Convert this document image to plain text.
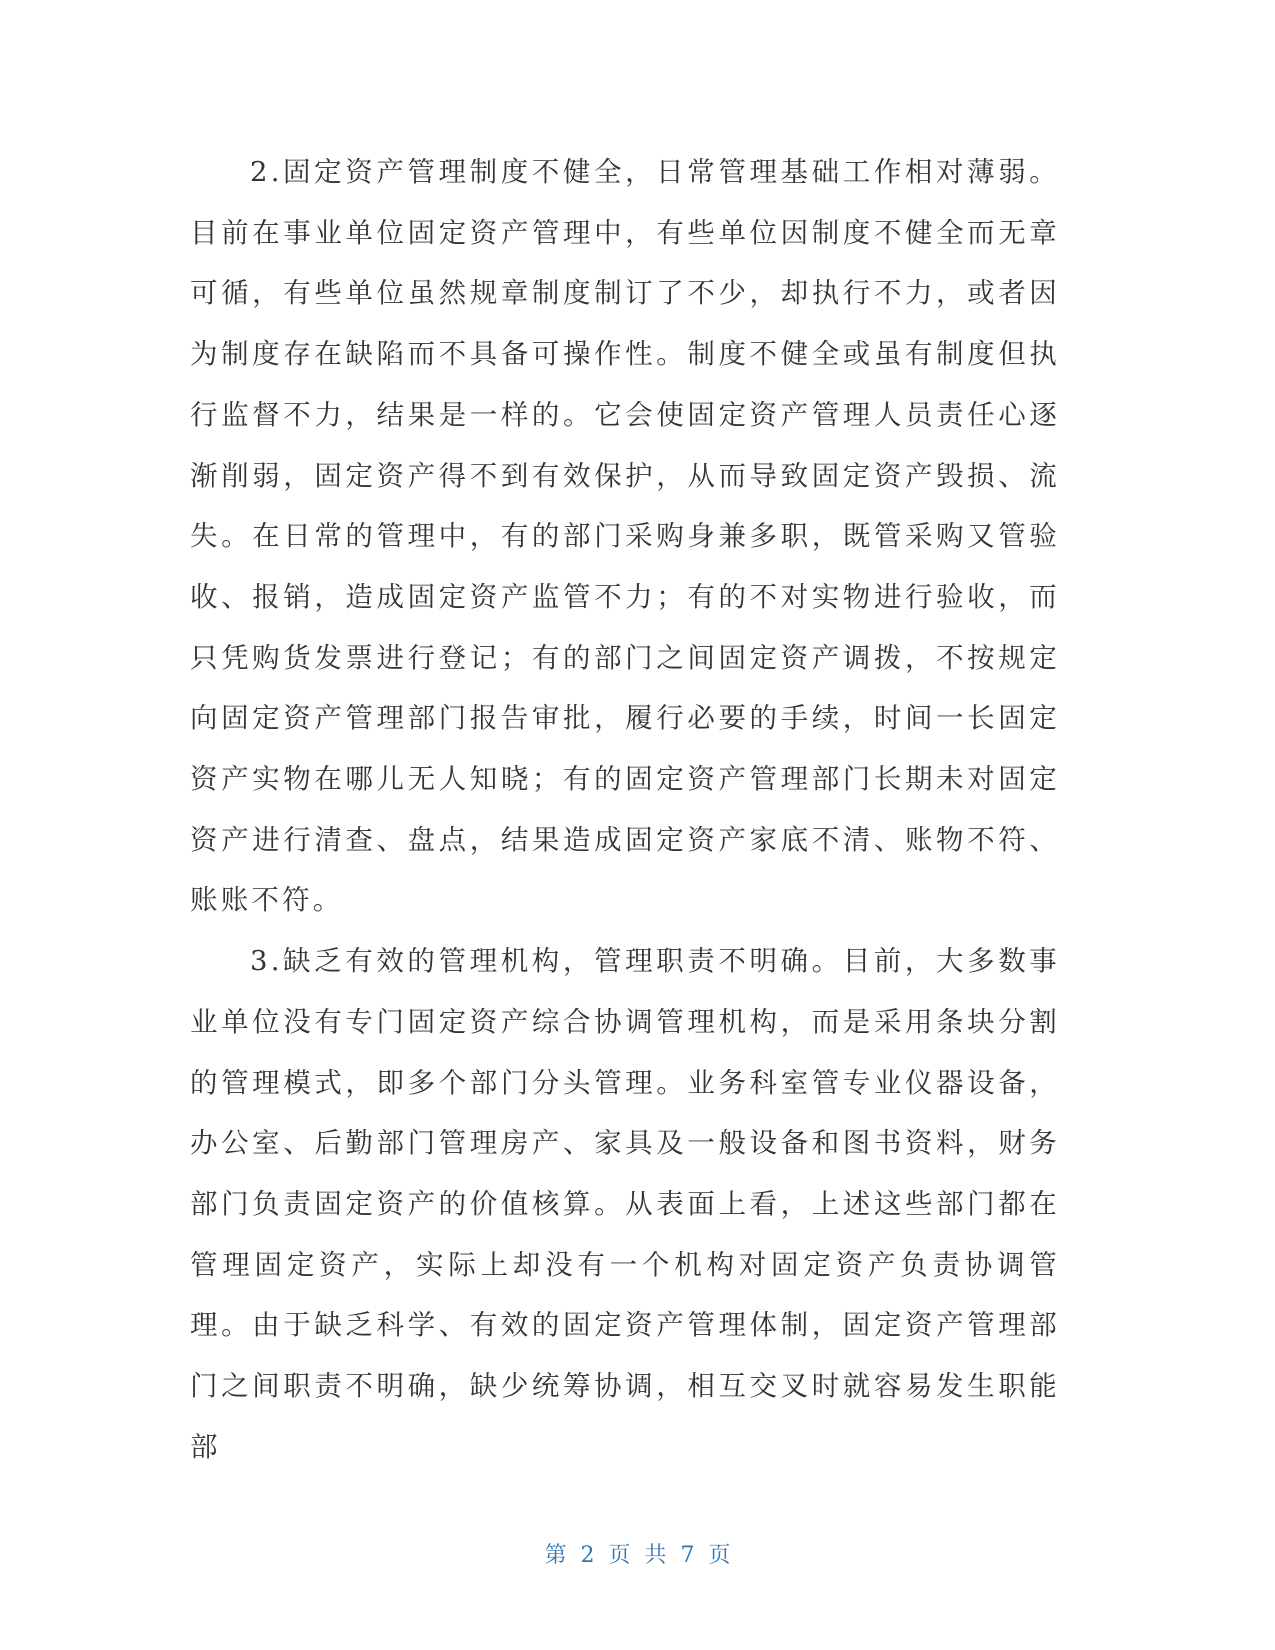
2.固定资产管理制度不健全，日常管理基础工作相对薄弱。目前在事业单位固定资产管理中，有些单位因制度不健全而无章可循，有些单位虽然规章制度制订了不少，却执行不力，或者因为制度存在缺陷而不具备可操作性。制度不健全或虽有制度但执行监督不力，结果是一样的。它会使固定资产管理人员责任心逐渐削弱，固定资产得不到有效保护，从而导致固定资产毁损、流失。在日常的管理中，有的部门采购身兼多职，既管采购又管验收、报销，造成固定资产监管不力；有的不对实物进行验收，而只凭购货发票进行登记；有的部门之间固定资产调拨，不按规定向固定资产管理部门报告审批，履行必要的手续，时间一长固定资产实物在哪儿无人知晓；有的固定资产管理部门长期未对固定资产进行清查、盘点，结果造成固定资产家底不清、账物不符、账账不符。

3.缺乏有效的管理机构，管理职责不明确。目前，大多数事业单位没有专门固定资产综合协调管理机构，而是采用条块分割的管理模式，即多个部门分头管理。业务科室管专业仪器设备，办公室、后勤部门管理房产、家具及一般设备和图书资料，财务部门负责固定资产的价值核算。从表面上看，上述这些部门都在管理固定资产，实际上却没有一个机构对固定资产负责协调管理。由于缺乏科学、有效的固定资产管理体制，固定资产管理部门之间职责不明确，缺少统筹协调，相互交叉时就容易发生职能部

第 2 页 共 7 页
